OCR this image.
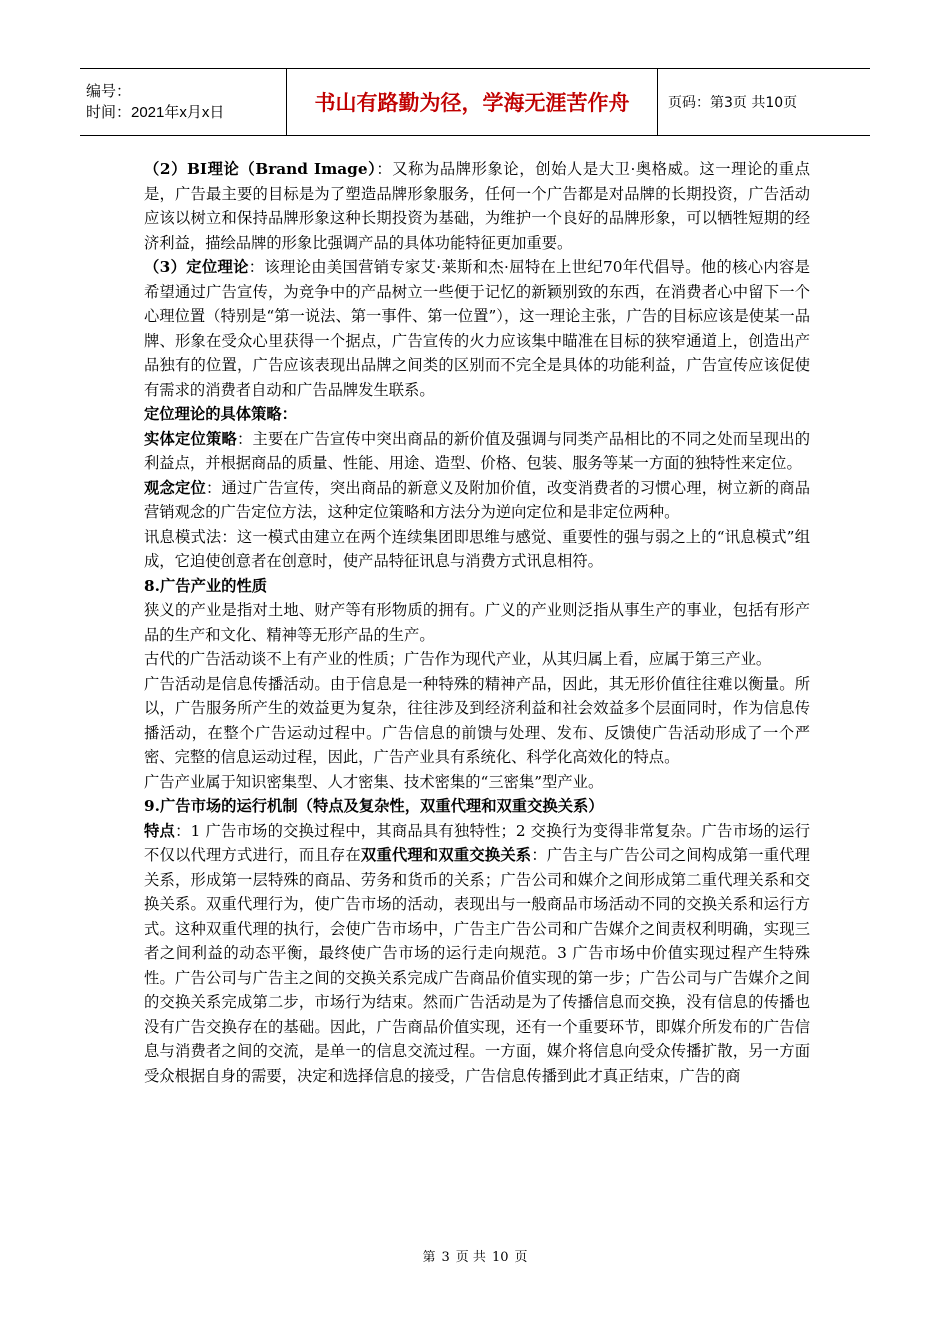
编号：
时间：2021年x月x日	书山有路勤为径，学海无涯苦作舟	页码：第3页 共10页

（2）BI理论（Brand Image）：又称为品牌形象论，创始人是大卫·奥格威。这一理论的重点是，广告最主要的目标是为了塑造品牌形象服务，任何一个广告都是对品牌的长期投资，广告活动应该以树立和保持品牌形象这种长期投资为基础，为维护一个良好的品牌形象，可以牺牲短期的经济利益，描绘品牌的形象比强调产品的具体功能特征更加重要。

（3）定位理论：该理论由美国营销专家艾·莱斯和杰·屈特在上世纪70年代倡导。他的核心内容是希望通过广告宣传，为竞争中的产品树立一些便于记忆的新颖别致的东西，在消费者心中留下一个心理位置（特别是“第一说法、第一事件、第一位置”），这一理论主张，广告的目标应该是使某一品牌、形象在受众心里获得一个据点，广告宣传的火力应该集中瞄准在目标的狭窄通道上，创造出产品独有的位置，广告应该表现出品牌之间类的区别而不完全是具体的功能利益，广告宣传应该促使有需求的消费者自动和广告品牌发生联系。

定位理论的具体策略：

实体定位策略：主要在广告宣传中突出商品的新价值及强调与同类产品相比的不同之处而呈现出的利益点，并根据商品的质量、性能、用途、造型、价格、包装、服务等某一方面的独特性来定位。

观念定位：通过广告宣传，突出商品的新意义及附加价值，改变消费者的习惯心理，树立新的商品营销观念的广告定位方法，这种定位策略和方法分为逆向定位和是非定位两种。

讯息模式法：这一模式由建立在两个连续集团即思维与感觉、重要性的强与弱之上的“讯息模式”组成，它迫使创意者在创意时，使产品特征讯息与消费方式讯息相符。

8.广告产业的性质

狭义的产业是指对土地、财产等有形物质的拥有。广义的产业则泛指从事生产的事业，包括有形产品的生产和文化、精神等无形产品的生产。

古代的广告活动谈不上有产业的性质；广告作为现代产业，从其归属上看，应属于第三产业。

广告活动是信息传播活动。由于信息是一种特殊的精神产品，因此，其无形价值往往难以衡量。所以，广告服务所产生的效益更为复杂，往往涉及到经济利益和社会效益多个层面同时，作为信息传播活动，在整个广告运动过程中。广告信息的前馈与处理、发布、反馈使广告活动形成了一个严密、完整的信息运动过程，因此，广告产业具有系统化、科学化高效化的特点。

广告产业属于知识密集型、人才密集、技术密集的“三密集”型产业。

9.广告市场的运行机制（特点及复杂性，双重代理和双重交换关系）

特点：1 广告市场的交换过程中，其商品具有独特性；2 交换行为变得非常复杂。广告市场的运行不仅以代理方式进行，而且存在双重代理和双重交换关系：广告主与广告公司之间构成第一重代理关系，形成第一层特殊的商品、劳务和货币的关系；广告公司和媒介之间形成第二重代理关系和交换关系。双重代理行为，使广告市场的活动，表现出与一般商品市场活动不同的交换关系和运行方式。这种双重代理的执行，会使广告市场中，广告主广告公司和广告媒介之间责权利明确，实现三者之间利益的动态平衡，最终使广告市场的运行走向规范。3 广告市场中价值实现过程产生特殊性。广告公司与广告主之间的交换关系完成广告商品价值实现的第一步；广告公司与广告媒介之间的交换关系完成第二步，市场行为结束。然而广告活动是为了传播信息而交换，没有信息的传播也没有广告交换存在的基础。因此，广告商品价值实现，还有一个重要环节，即媒介所发布的广告信息与消费者之间的交流，是单一的信息交流过程。一方面，媒介将信息向受众传播扩散，另一方面受众根据自身的需要，决定和选择信息的接受，广告信息传播到此才真正结束，广告的商

第 3 页 共 10 页
